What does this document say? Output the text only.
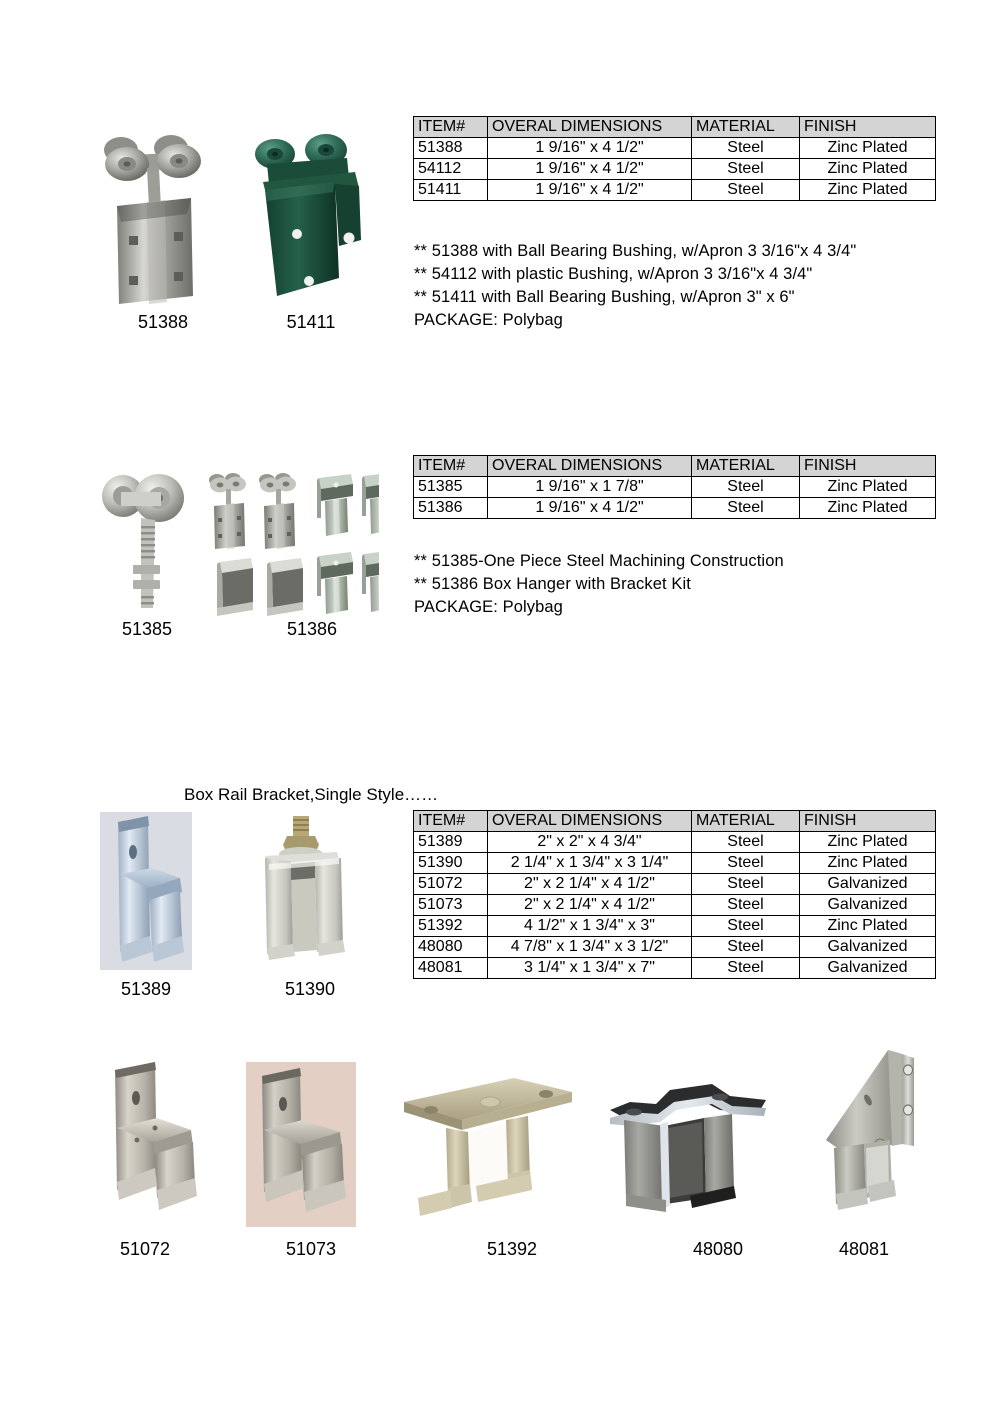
51388	51411
ITEM#	OVERAL DIMENSIONS	MATERIAL	FINISH
51388	1 9/16" x 4 1/2"	Steel	Zinc Plated
54112	1 9/16" x 4 1/2"	Steel	Zinc Plated
51411	1 9/16" x 4 1/2"	Steel	Zinc Plated
** 51388 with Ball Bearing Bushing, w/Apron 3 3/16"x 4 3/4"
** 54112 with plastic Bushing, w/Apron 3 3/16"x 4 3/4"
** 51411 with Ball Bearing Bushing, w/Apron 3" x 6"
PACKAGE: Polybag
51385	51386
ITEM#	OVERAL DIMENSIONS	MATERIAL	FINISH
51385	1 9/16" x 1 7/8"	Steel	Zinc Plated
51386	1 9/16" x 4 1/2"	Steel	Zinc Plated
** 51385-One Piece Steel Machining Construction
** 51386 Box Hanger with Bracket Kit
PACKAGE: Polybag
Box Rail Bracket,Single Style……
51389	51390
ITEM#	OVERAL DIMENSIONS	MATERIAL	FINISH
51389	2" x 2" x 4 3/4"	Steel	Zinc Plated
51390	2 1/4" x 1 3/4" x 3 1/4"	Steel	Zinc Plated
51072	2" x 2 1/4" x 4 1/2"	Steel	Galvanized
51073	2" x 2 1/4" x 4 1/2"	Steel	Galvanized
51392	4 1/2" x 1 3/4" x 3"	Steel	Zinc Plated
48080	4 7/8" x 1 3/4" x 3 1/2"	Steel	Galvanized
48081	3 1/4" x 1 3/4" x 7"	Steel	Galvanized
51072	51073	51392	48080	48081
